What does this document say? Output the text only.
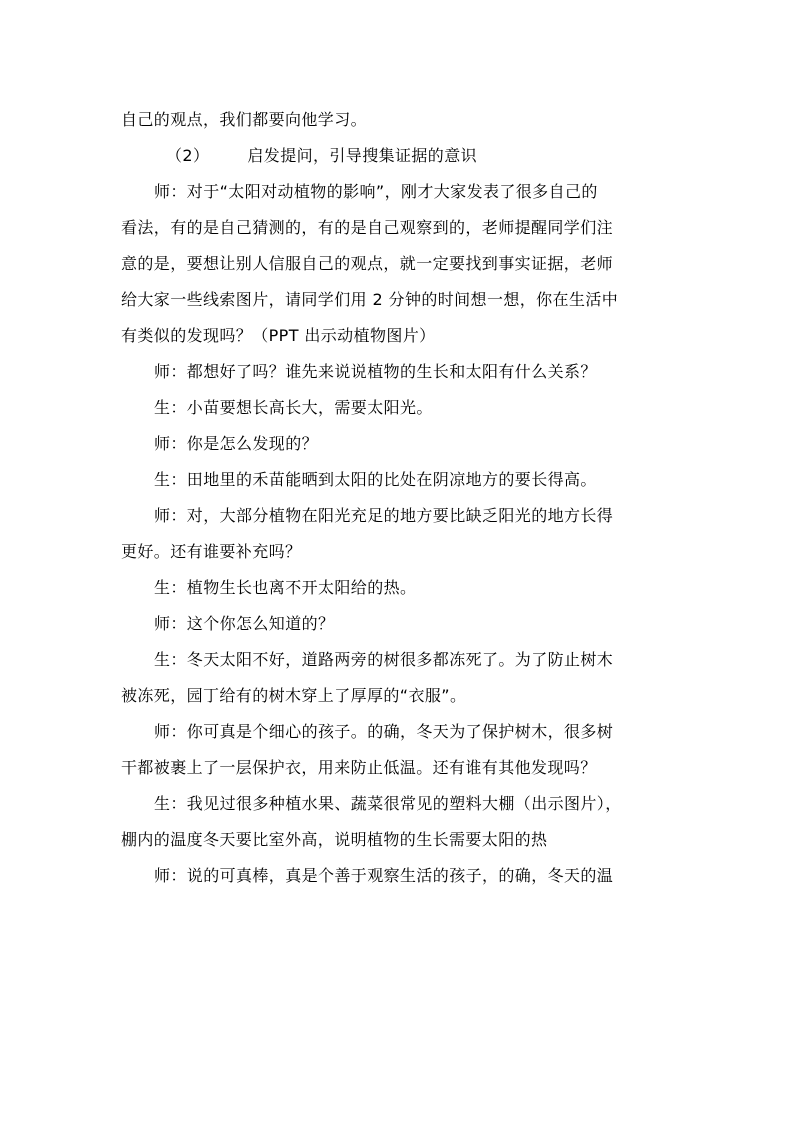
自己的观点，我们都要向他学习。

（2） 启发提问，引导搜集证据的意识

师：对于“太阳对动植物的影响”，刚才大家发表了很多自己的
看法，有的是自己猜测的，有的是自己观察到的，老师提醒同学们注
意的是，要想让别人信服自己的观点，就一定要找到事实证据，老师
给大家一些线索图片，请同学们用 2 分钟的时间想一想，你在生活中
有类似的发现吗？（PPT 出示动植物图片）

师：都想好了吗？谁先来说说植物的生长和太阳有什么关系？

生：小苗要想长高长大，需要太阳光。

师：你是怎么发现的？

生：田地里的禾苗能晒到太阳的比处在阴凉地方的要长得高。

师：对，大部分植物在阳光充足的地方要比缺乏阳光的地方长得
更好。还有谁要补充吗？

生：植物生长也离不开太阳给的热。

师：这个你怎么知道的？

生：冬天太阳不好，道路两旁的树很多都冻死了。为了防止树木
被冻死，园丁给有的树木穿上了厚厚的“衣服”。

师：你可真是个细心的孩子。的确，冬天为了保护树木，很多树
干都被裹上了一层保护衣，用来防止低温。还有谁有其他发现吗？

生：我见过很多种植水果、蔬菜很常见的塑料大棚（出示图片），
棚内的温度冬天要比室外高，说明植物的生长需要太阳的热

师：说的可真棒，真是个善于观察生活的孩子，的确，冬天的温
